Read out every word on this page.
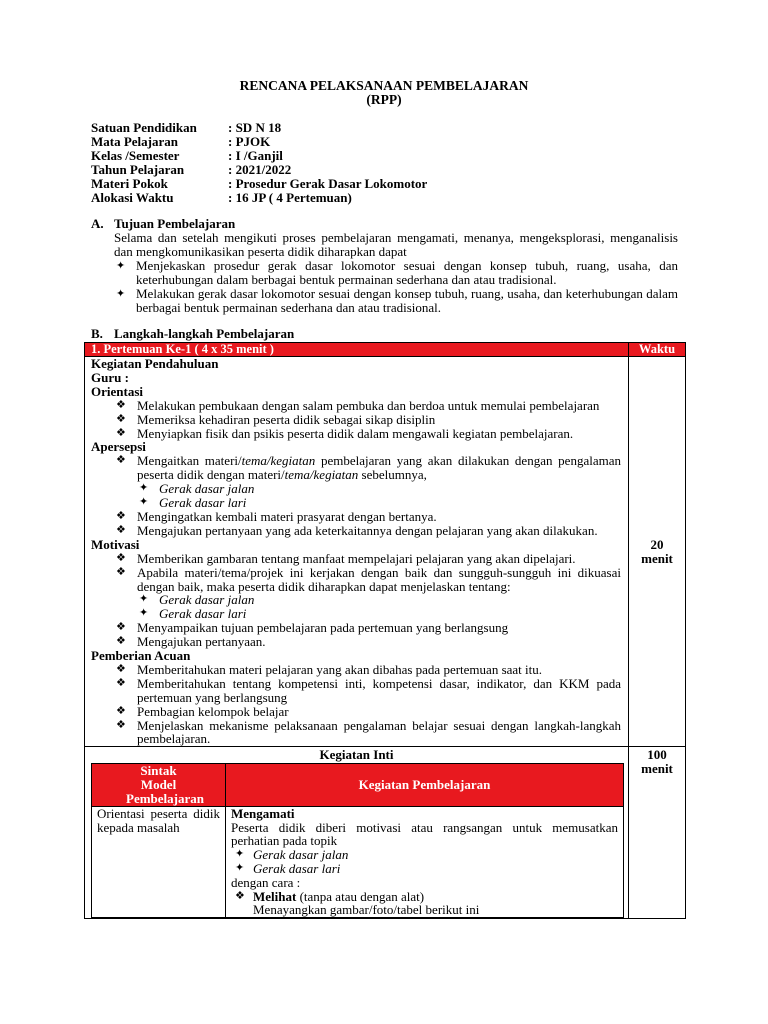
RENCANA PELAKSANAAN PEMBELAJARAN
(RPP)
Satuan Pendidikan : SD N 18
Mata Pelajaran	: PJOK
Kelas /Semester	: I /Ganjil
Tahun Pelajaran	: 2021/2022
Materi Pokok	: Prosedur Gerak Dasar Lokomotor
Alokasi Waktu	: 16 JP ( 4 Pertemuan)
A. Tujuan Pembelajaran
Selama dan setelah mengikuti proses pembelajaran mengamati, menanya, mengeksplorasi, menganalisis dan mengkomunikasikan peserta didik diharapkan dapat
✦ Menjekaskan prosedur gerak dasar lokomotor sesuai dengan konsep tubuh, ruang, usaha, dan keterhubungan dalam berbagai bentuk permainan sederhana dan atau tradisional.
✦ Melakukan gerak dasar lokomotor sesuai dengan konsep tubuh, ruang, usaha, dan keterhubungan dalam berbagai bentuk permainan sederhana dan atau tradisional.
B. Langkah-langkah Pembelajaran
1. Pertemuan Ke-1 ( 4 x 35 menit )	Waktu

Kegiatan Pendahuluan
Guru :
Orientasi
❖ Melakukan pembukaan dengan salam pembuka dan berdoa untuk memulai pembelajaran
❖ Memeriksa kehadiran peserta didik sebagai sikap disiplin
❖ Menyiapkan fisik dan psikis peserta didik dalam mengawali kegiatan pembelajaran.
Apersepsi
❖ Mengaitkan materi/tema/kegiatan pembelajaran yang akan dilakukan dengan pengalaman peserta didik dengan materi/tema/kegiatan sebelumnya,
✦ Gerak dasar jalan
✦ Gerak dasar lari
❖ Mengingatkan kembali materi prasyarat dengan bertanya.
❖ Mengajukan pertanyaan yang ada keterkaitannya dengan pelajaran yang akan dilakukan.
Motivasi
❖ Memberikan gambaran tentang manfaat mempelajari pelajaran yang akan dipelajari.
❖ Apabila materi/tema/projek ini kerjakan dengan baik dan sungguh-sungguh ini dikuasai dengan baik, maka peserta didik diharapkan dapat menjelaskan tentang:
✦ Gerak dasar jalan
✦ Gerak dasar lari
❖ Menyampaikan tujuan pembelajaran pada pertemuan yang berlangsung
❖ Mengajukan pertanyaan.
Pemberian Acuan
❖ Memberitahukan materi pelajaran yang akan dibahas pada pertemuan saat itu.
❖ Memberitahukan tentang kompetensi inti, kompetensi dasar, indikator, dan KKM pada pertemuan yang berlangsung
❖ Pembagian kelompok belajar
❖ Menjelaskan mekanisme pelaksanaan pengalaman belajar sesuai dengan langkah-langkah pembelajaran.

20
menit

Kegiatan Inti
Sintak Model Pembelajaran	Kegiatan Pembelajaran
Orientasi peserta didik kepada masalah	
Mengamati
Peserta didik diberi motivasi atau rangsangan untuk memusatkan perhatian pada topik
✦ Gerak dasar jalan
✦ Gerak dasar lari
dengan cara :
❖ Melihat (tanpa atau dengan alat)
Menayangkan gambar/foto/tabel berikut ini

100
menit
